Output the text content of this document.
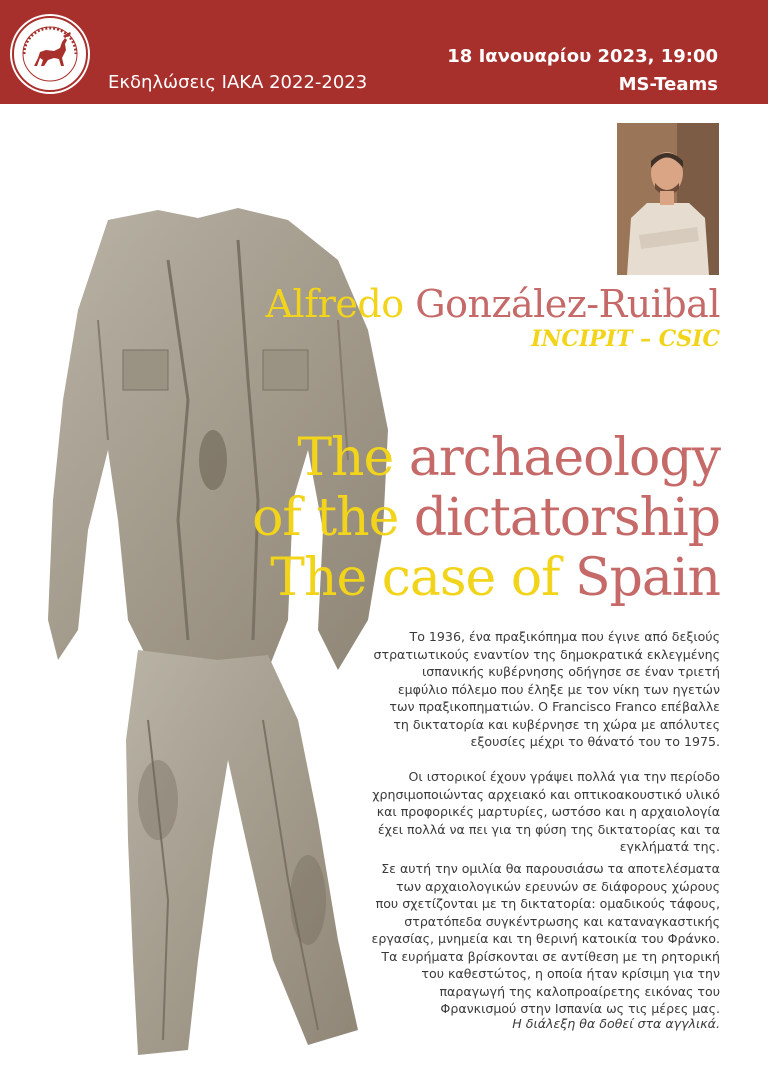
Εκδηλώσεις ΙΑΚΑ 2022-2023
18 Ιανουαρίου 2023, 19:00
MS-Teams
Alfredo González-Ruibal
INCIPIT – CSIC
The archaeology
of the dictatorship
The case of Spain
Το 1936, ένα πραξικόπημα που έγινε από δεξιούς στρατιωτικούς εναντίον της δημοκρατικά εκλεγμένης ισπανικής κυβέρνησης οδήγησε σε έναν τριετή εμφύλιο πόλεμο που έληξε με τον νίκη των ηγετών των πραξικοπηματιών. Ο Francisco Franco επέβαλλε τη δικτατορία και κυβέρνησε τη χώρα με απόλυτες εξουσίες μέχρι το θάνατό του το 1975.
Οι ιστορικοί έχουν γράψει πολλά για την περίοδο χρησιμοποιώντας αρχειακό και οπτικοακουστικό υλικό και προφορικές μαρτυρίες, ωστόσο και η αρχαιολογία έχει πολλά να πει για τη φύση της δικτατορίας και τα εγκλήματά της.
Σε αυτή την ομιλία θα παρουσιάσω τα αποτελέσματα των αρχαιολογικών ερευνών σε διάφορους χώρους που σχετίζονται με τη δικτατορία: ομαδικούς τάφους, στρατόπεδα συγκέντρωσης και καταναγκαστικής εργασίας, μνημεία και τη θερινή κατοικία του Φράνκο. Τα ευρήματα βρίσκονται σε αντίθεση με τη ρητορική του καθεστώτος, η οποία ήταν κρίσιμη για την παραγωγή της καλοπροαίρετης εικόνας του Φρανκισμού στην Ισπανία ως τις μέρες μας.
Η διάλεξη θα δοθεί στα αγγλικά.
